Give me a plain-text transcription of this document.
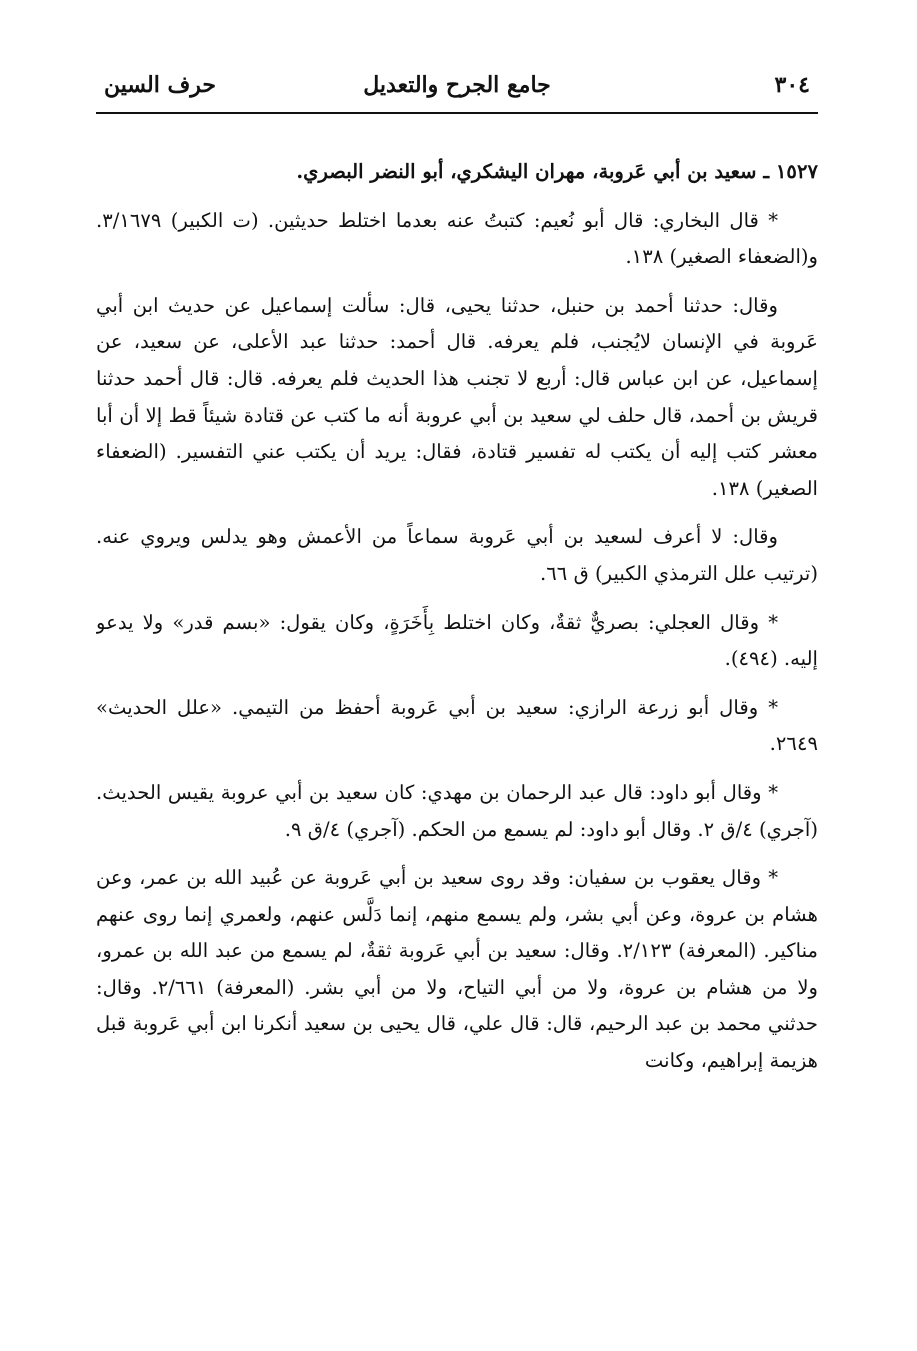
٣٠٤
جامع الجرح والتعديل
حرف السين

١٥٢٧ ـ سعيد بن أبي عَروبة، مهران اليشكري، أبو النضر البصري.

* قال البخاري: قال أبو نُعيم: كتبتُ عنه بعدما اختلط حديثين. (ت الكبير) ٣/١٦٧٩. و(الضعفاء الصغير) ١٣٨.

وقال: حدثنا أحمد بن حنبل، حدثنا يحيى، قال: سألت إسماعيل عن حديث ابن أبي عَروبة في الإنسان لايُجنب، فلم يعرفه. قال أحمد: حدثنا عبد الأعلى، عن سعيد، عن إسماعيل، عن ابن عباس قال: أربع لا تجنب هذا الحديث فلم يعرفه. قال: قال أحمد حدثنا قريش بن أحمد، قال حلف لي سعيد بن أبي عروبة أنه ما كتب عن قتادة شيئاً قط إلا أن أبا معشر كتب إليه أن يكتب له تفسير قتادة، فقال: يريد أن يكتب عني التفسير. (الضعفاء الصغير) ١٣٨.

وقال: لا أعرف لسعيد بن أبي عَروبة سماعاً من الأعمش وهو يدلس ويروي عنه. (ترتيب علل الترمذي الكبير) ق ٦٦.

* وقال العجلي: بصريٌّ ثقةٌ، وكان اختلط بِأَخَرَةٍ، وكان يقول: «بسم قدر» ولا يدعو إليه. (٤٩٤).

* وقال أبو زرعة الرازي: سعيد بن أبي عَروبة أحفظ من التيمي. «علل الحديث» ٢٦٤٩.

* وقال أبو داود: قال عبد الرحمان بن مهدي: كان سعيد بن أبي عروبة يقيس الحديث. (آجري) ٤/ق ٢. وقال أبو داود: لم يسمع من الحكم. (آجري) ٤/ق ٩.

* وقال يعقوب بن سفيان: وقد روى سعيد بن أبي عَروبة عن عُبيد الله بن عمر، وعن هشام بن عروة، وعن أبي بشر، ولم يسمع منهم، إنما دَلَّس عنهم، ولعمري إنما روى عنهم مناكير. (المعرفة) ٢/١٢٣. وقال: سعيد بن أبي عَروبة ثقةٌ، لم يسمع من عبد الله بن عمرو، ولا من هشام بن عروة، ولا من أبي التياح، ولا من أبي بشر. (المعرفة) ٢/٦٦١. وقال: حدثني محمد بن عبد الرحيم، قال: قال علي، قال يحيى بن سعيد أنكرنا ابن أبي عَروبة قبل هزيمة إبراهيم، وكانت
